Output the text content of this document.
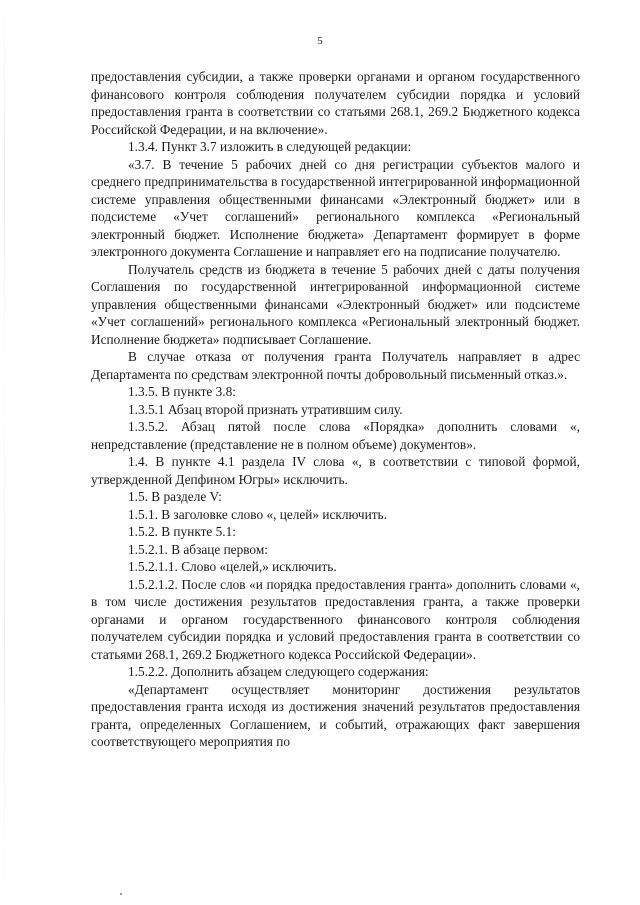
5

предоставления субсидии, а также проверки органами и органом государственного финансового контроля соблюдения получателем субсидии порядка и условий предоставления гранта в соответствии со статьями 268.1, 269.2 Бюджетного кодекса Российской Федерации, и на включение».

1.3.4. Пункт 3.7 изложить в следующей редакции:

«3.7. В течение 5 рабочих дней со дня регистрации субъектов малого и среднего предпринимательства в государственной интегрированной информационной системе управления общественными финансами «Электронный бюджет» или в подсистеме «Учет соглашений» регионального комплекса «Региональный электронный бюджет. Исполнение бюджета» Департамент формирует в форме электронного документа Соглашение и направляет его на подписание получателю.

Получатель средств из бюджета в течение 5 рабочих дней с даты получения Соглашения по государственной интегрированной информационной системе управления общественными финансами «Электронный бюджет» или подсистеме «Учет соглашений» регионального комплекса «Региональный электронный бюджет. Исполнение бюджета» подписывает Соглашение.

В случае отказа от получения гранта Получатель направляет в адрес Департамента по средствам электронной почты добровольный письменный отказ.».

1.3.5. В пункте 3.8:

1.3.5.1 Абзац второй признать утратившим силу.

1.3.5.2. Абзац пятой после слова «Порядка» дополнить словами «, непредставление (представление не в полном объеме) документов».

1.4. В пункте 4.1 раздела IV слова «, в соответствии с типовой формой, утвержденной Депфином Югры» исключить.

1.5. В разделе V:

1.5.1. В заголовке слово «, целей» исключить.

1.5.2. В пункте 5.1:

1.5.2.1. В абзаце первом:

1.5.2.1.1. Слово «целей,» исключить.

1.5.2.1.2. После слов «и порядка предоставления гранта» дополнить словами «, в том числе достижения результатов предоставления гранта, а также проверки органами и органом государственного финансового контроля соблюдения получателем субсидии порядка и условий предоставления гранта в соответствии со статьями 268.1, 269.2 Бюджетного кодекса Российской Федерации».

1.5.2.2. Дополнить абзацем следующего содержания:

«Департамент осуществляет мониторинг достижения результатов предоставления гранта исходя из достижения значений результатов предоставления гранта, определенных Соглашением, и событий, отражающих факт завершения соответствующего мероприятия по
